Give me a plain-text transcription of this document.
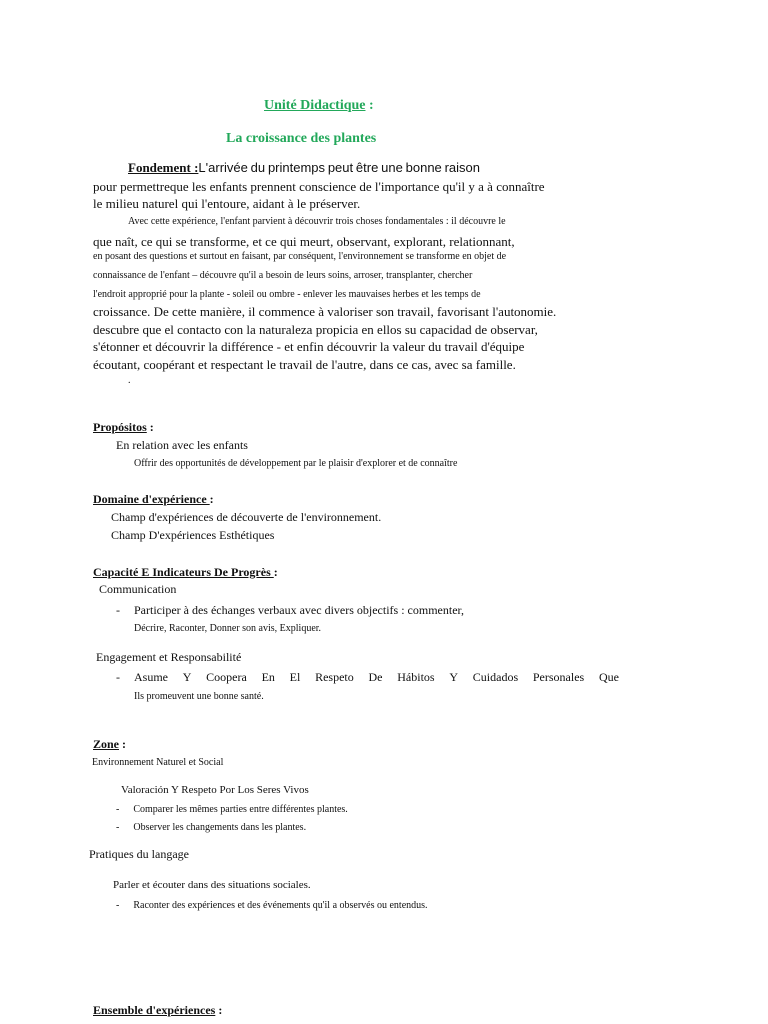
Unité Didactique :
La croissance des plantes
Fondement :L'arrivée du printemps peut être une bonne raison
pour permettreque les enfants prennent conscience de l'importance qu'il y a à connaître
le milieu naturel qui l'entoure, aidant à le préserver.
Avec cette expérience, l'enfant parvient à découvrir trois choses fondamentales : il découvre le
que naît, ce qui se transforme, et ce qui meurt, observant, explorant, relationnant,
en posant des questions et surtout en faisant, par conséquent, l'environnement se transforme en objet de
connaissance de l'enfant – découvre qu'il a besoin de leurs soins, arroser, transplanter, chercher
l'endroit approprié pour la plante - soleil ou ombre - enlever les mauvaises herbes et les temps de
croissance. De cette manière, il commence à valoriser son travail, favorisant l'autonomie.
descubre que el contacto con la naturaleza propicia en ellos su capacidad de observar,
s'étonner et découvrir la différence - et enfin découvrir la valeur du travail d'équipe
écoutant, coopérant et respectant le travail de l'autre, dans ce cas, avec sa famille.
.
Propósitos :
En relation avec les enfants
Offrir des opportunités de développement par le plaisir d'explorer et de connaître
Domaine d'expérience :
Champ d'expériences de découverte de l'environnement.
Champ D'expériences Esthétiques
Capacité E Indicateurs De Progrès :
Communication
- Participer à des échanges verbaux avec divers objectifs : commenter,
Décrire, Raconter, Donner son avis, Expliquer.
Engagement et Responsabilité
- Asume Y Coopera En El Respeto De Hábitos Y Cuidados Personales Que
Ils promeuvent une bonne santé.
Zone :
Environnement Naturel et Social
Valoración Y Respeto Por Los Seres Vivos
- Comparer les mêmes parties entre différentes plantes.
- Observer les changements dans les plantes.
Pratiques du langage
Parler et écouter dans des situations sociales.
- Raconter des expériences et des événements qu'il a observés ou entendus.
Ensemble d'expériences :
